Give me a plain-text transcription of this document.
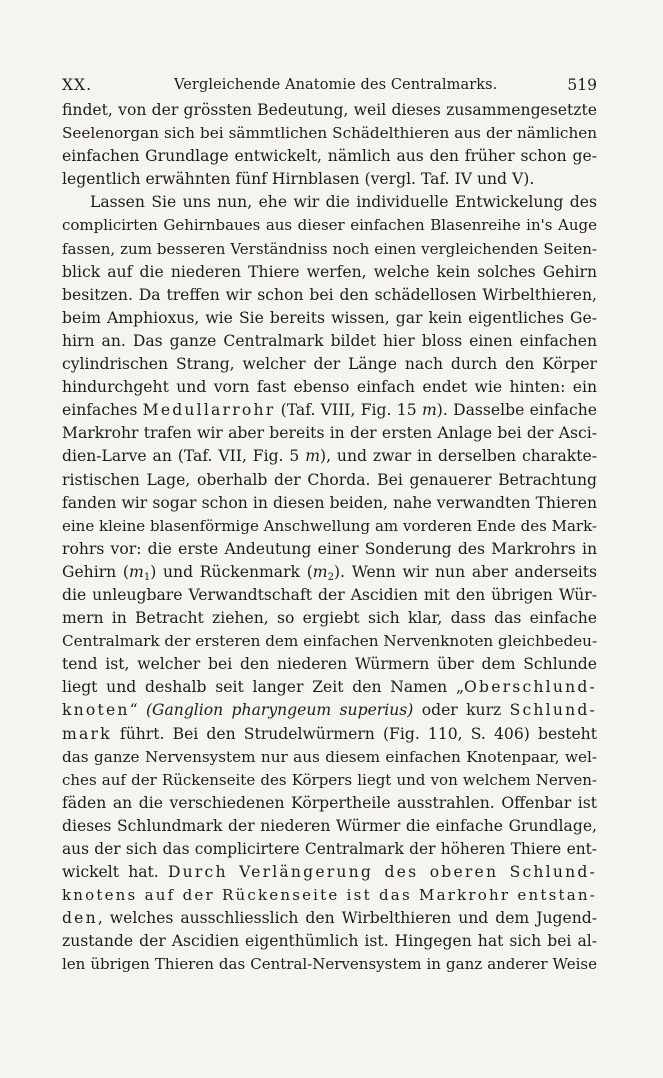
XX.	Vergleichende Anatomie des Centralmarks.	519
findet, von der grössten Bedeutung, weil dieses zusammengesetzte
Seelenorgan sich bei sämmtlichen Schädelthieren aus der nämlichen
einfachen Grundlage entwickelt, nämlich aus den früher schon ge-
legentlich erwähnten fünf Hirnblasen (vergl. Taf. IV und V).
Lassen Sie uns nun, ehe wir die individuelle Entwickelung des
complicirten Gehirnbaues aus dieser einfachen Blasenreihe in's Auge
fassen, zum besseren Verständniss noch einen vergleichenden Seiten-
blick auf die niederen Thiere werfen, welche kein solches Gehirn
besitzen. Da treffen wir schon bei den schädellosen Wirbelthieren,
beim Amphioxus, wie Sie bereits wissen, gar kein eigentliches Ge-
hirn an. Das ganze Centralmark bildet hier bloss einen einfachen
cylindrischen Strang, welcher der Länge nach durch den Körper
hindurchgeht und vorn fast ebenso einfach endet wie hinten: ein
einfaches Medullarrohr (Taf. VIII, Fig. 15 m). Dasselbe einfache
Markrohr trafen wir aber bereits in der ersten Anlage bei der Asci-
dien-Larve an (Taf. VII, Fig. 5 m), und zwar in derselben charakte-
ristischen Lage, oberhalb der Chorda. Bei genauerer Betrachtung
fanden wir sogar schon in diesen beiden, nahe verwandten Thieren
eine kleine blasenförmige Anschwellung am vorderen Ende des Mark-
rohrs vor: die erste Andeutung einer Sonderung des Markrohrs in
Gehirn $(m_1)$ und Rückenmark $(m_2)$. Wenn wir nun aber anderseits
die unleugbare Verwandtschaft der Ascidien mit den übrigen Wür-
mern in Betracht ziehen, so ergiebt sich klar, dass das einfache
Centralmark der ersteren dem einfachen Nervenknoten gleichbedeu-
tend ist, welcher bei den niederen Würmern über dem Schlunde
liegt und deshalb seit langer Zeit den Namen „Oberschlund-
knoten“ (Ganglion pharyngeum superius) oder kurz Schlund-
mark führt. Bei den Strudelwürmern (Fig. 110, S. 406) besteht
das ganze Nervensystem nur aus diesem einfachen Knotenpaar, wel-
ches auf der Rückenseite des Körpers liegt und von welchem Nerven-
fäden an die verschiedenen Körpertheile ausstrahlen. Offenbar ist
dieses Schlundmark der niederen Würmer die einfache Grundlage,
aus der sich das complicirtere Centralmark der höheren Thiere ent-
wickelt hat. Durch Verlängerung des oberen Schlund-
knotens auf der Rückenseite ist das Markrohr entstan-
den, welches ausschliesslich den Wirbelthieren und dem Jugend-
zustande der Ascidien eigenthümlich ist. Hingegen hat sich bei al-
len übrigen Thieren das Central-Nervensystem in ganz anderer Weise
